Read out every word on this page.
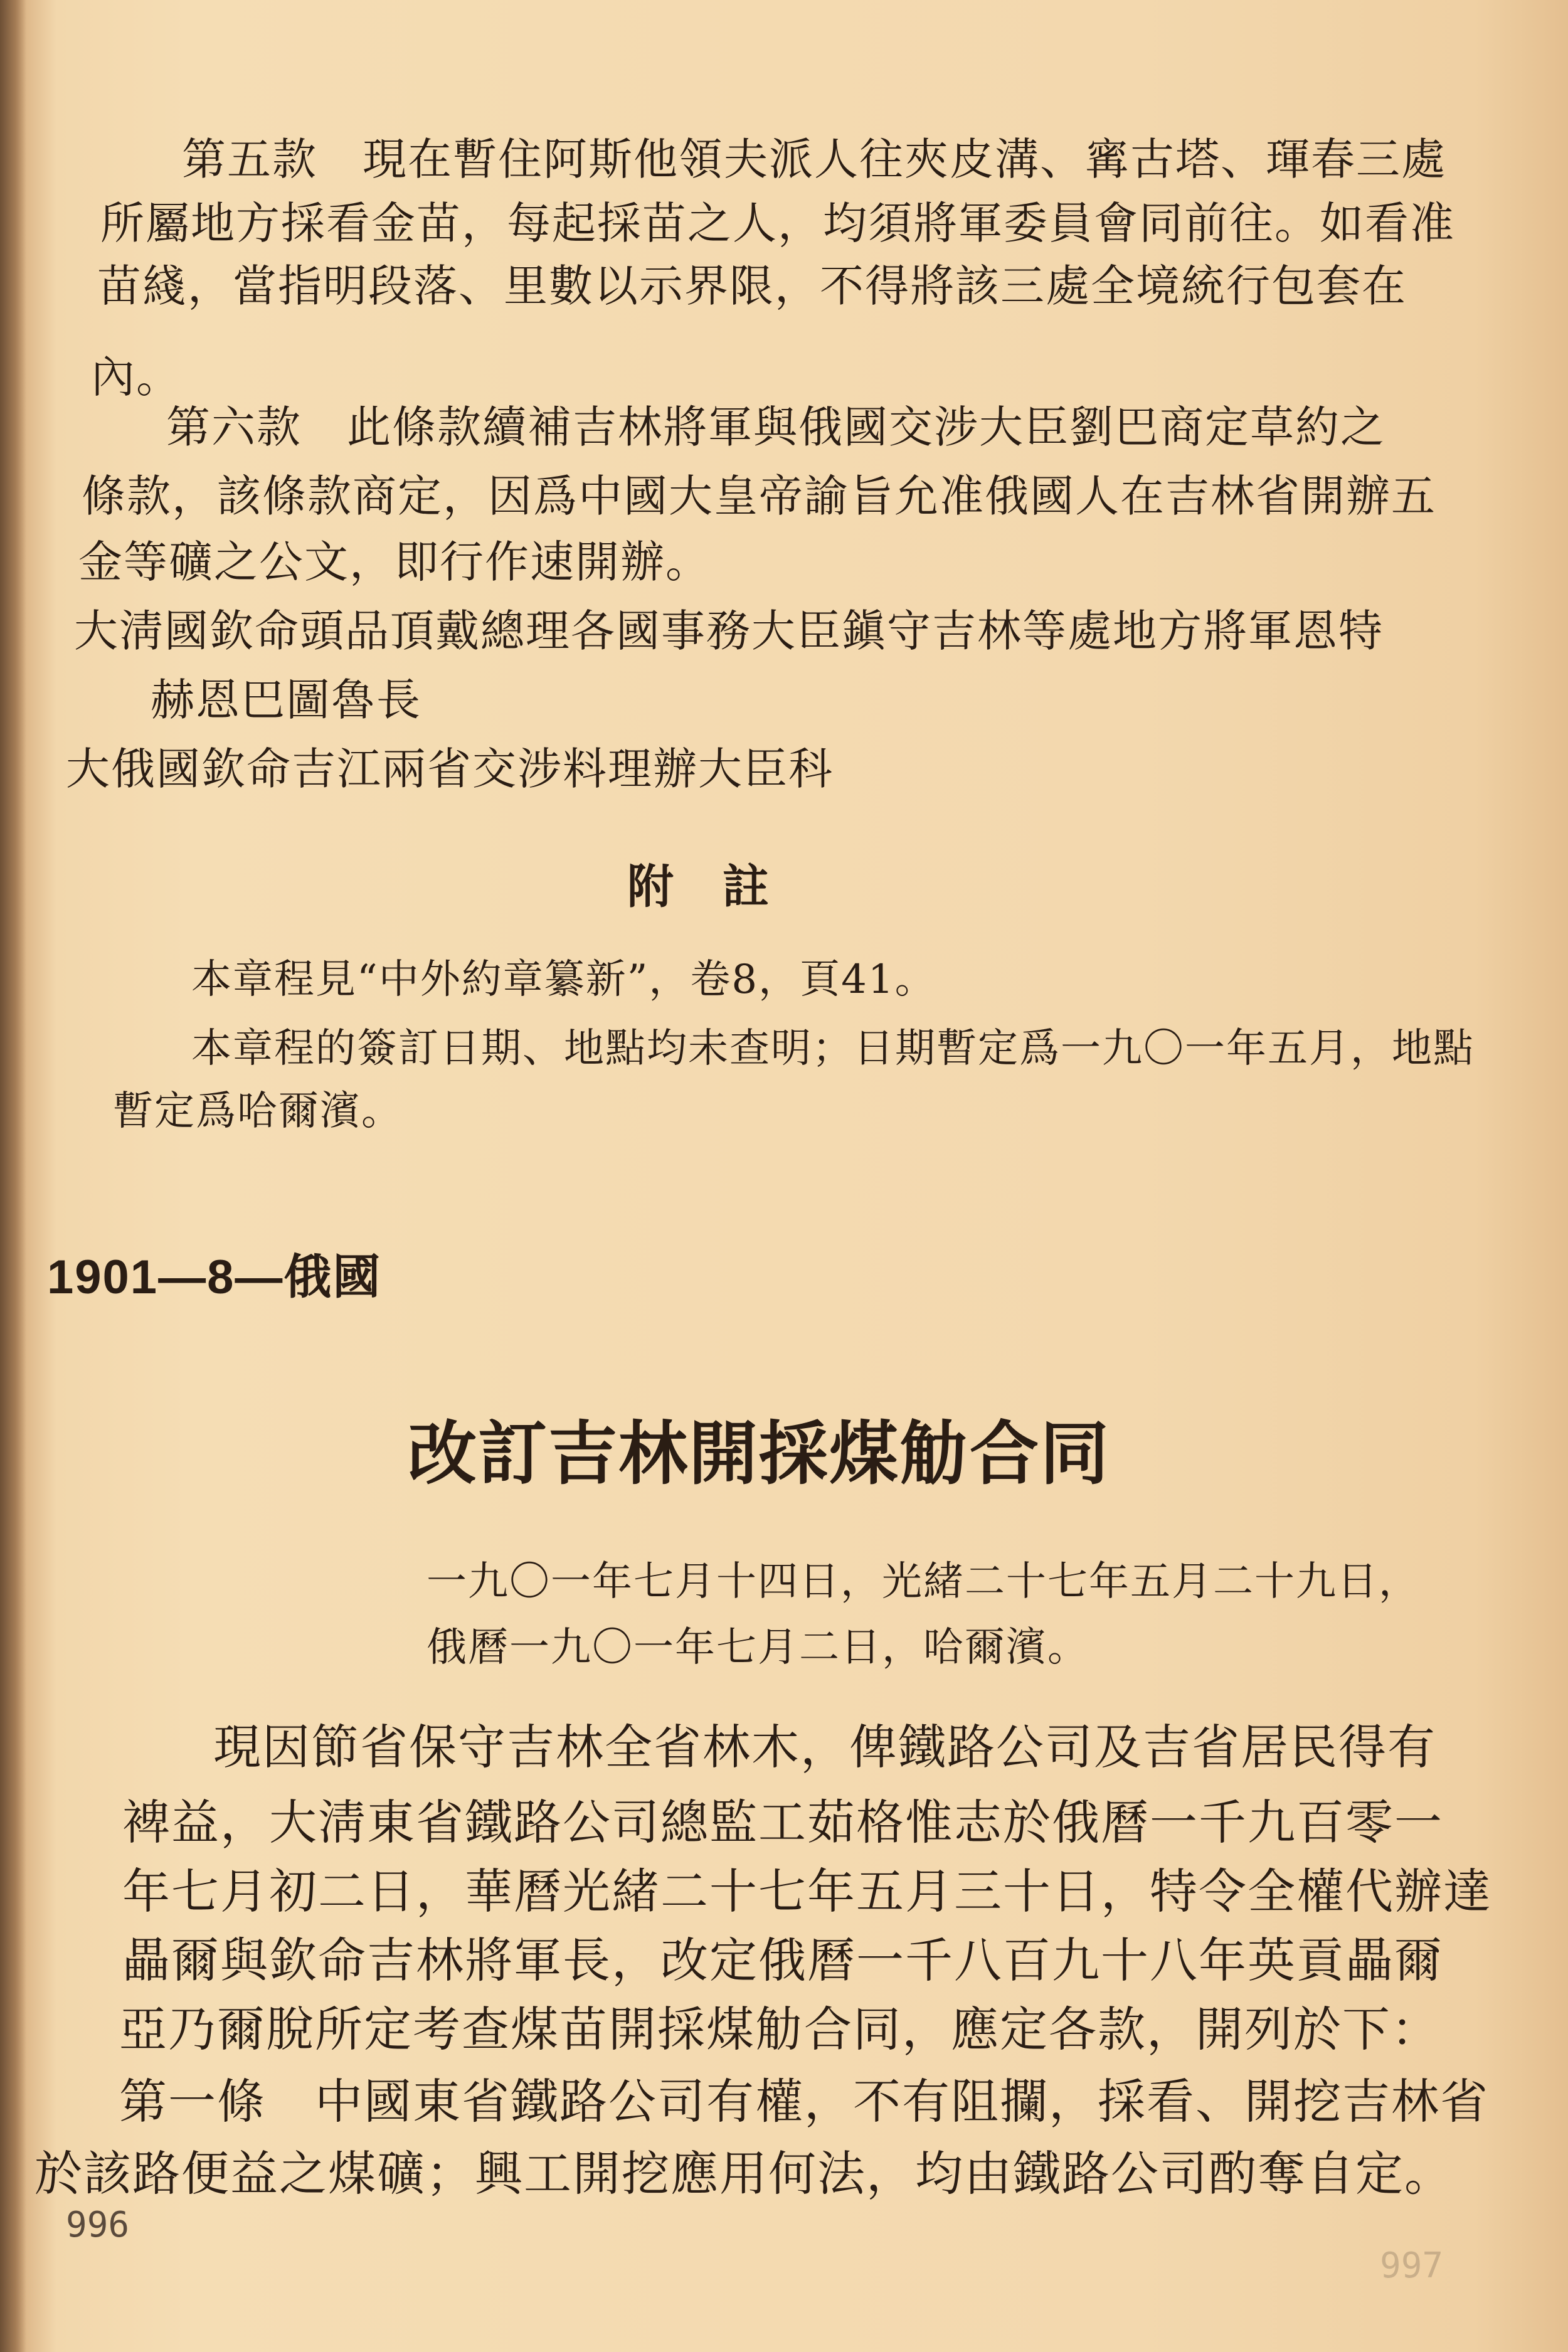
第五款　現在暫住阿斯他領夫派人往夾皮溝、寗古塔、琿春三處
所屬地方採看金苗，每起採苗之人，均須將軍委員會同前往。如看准
苗綫，當指明段落、里數以示界限，不得將該三處全境統行包套在
內。
第六款　此條款續補吉林將軍與俄國交涉大臣劉巴商定草約之
條款，該條款商定，因爲中國大皇帝諭旨允准俄國人在吉林省開辦五
金等礦之公文，即行作速開辦。
大淸國欽命頭品頂戴總理各國事務大臣鎭守吉林等處地方將軍恩特
赫恩巴圖魯長
大俄國欽命吉江兩省交涉料理辦大臣科
附　註
本章程見“中外約章纂新”，卷8，頁41。
本章程的簽訂日期、地點均未查明；日期暫定爲一九〇一年五月，地點
暫定爲哈爾濱。
1901—8—俄國
改訂吉林開採煤觔合同
一九〇一年七月十四日，光緒二十七年五月二十九日，
俄曆一九〇一年七月二日，哈爾濱。
現因節省保守吉林全省林木，俾鐵路公司及吉省居民得有
裨益，大淸東省鐵路公司總監工茹格惟志於俄曆一千九百零一
年七月初二日，華曆光緒二十七年五月三十日，特令全權代辦達
畾爾與欽命吉林將軍長，改定俄曆一千八百九十八年英貢畾爾
亞乃爾脫所定考查煤苗開採煤觔合同，應定各款，開列於下：
第一條　中國東省鐵路公司有權，不有阻攔，採看、開挖吉林省
於該路便益之煤礦；興工開挖應用何法，均由鐵路公司酌奪自定。
996
997
